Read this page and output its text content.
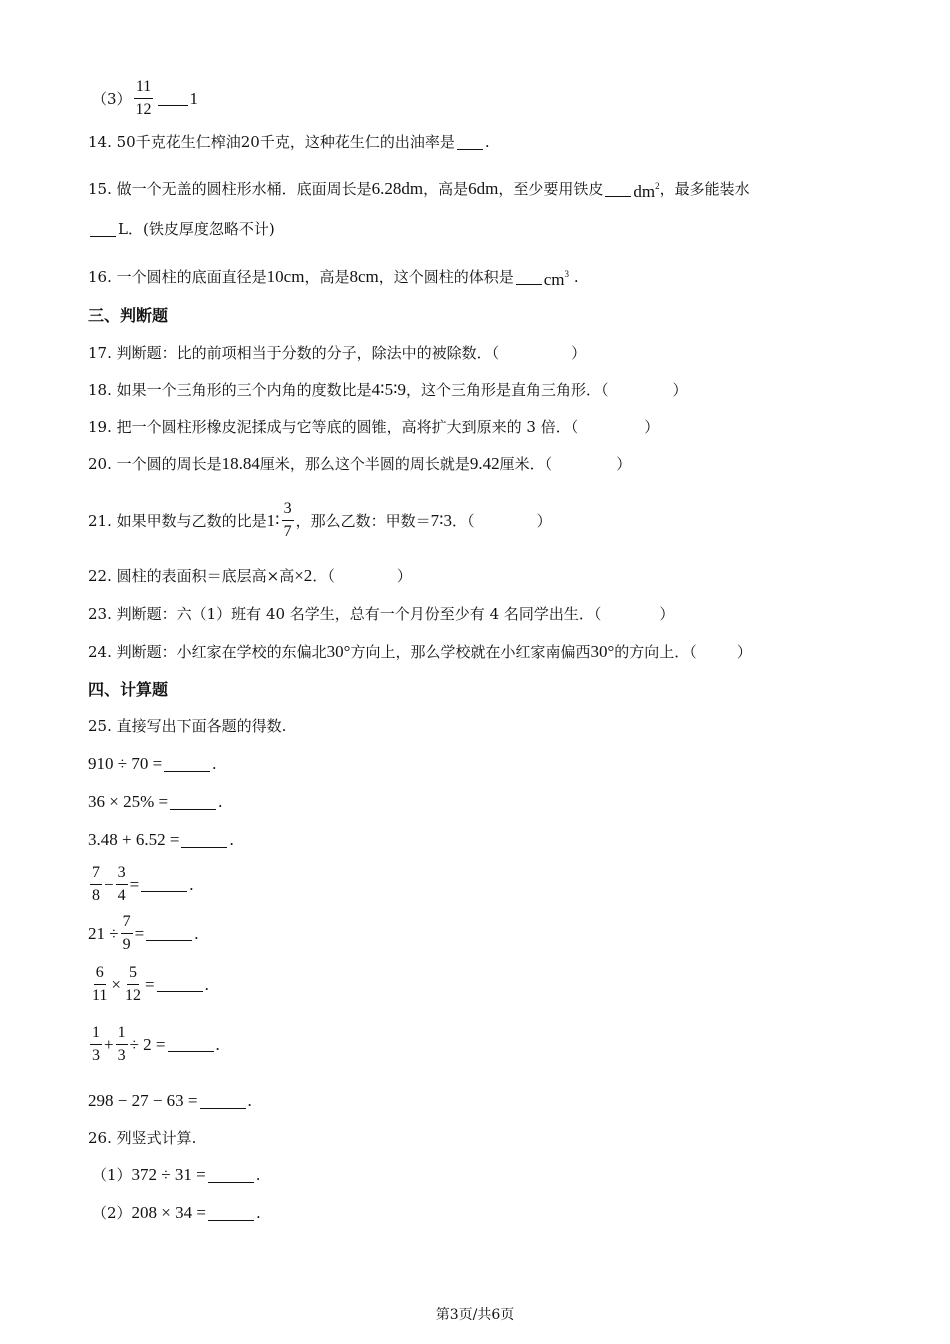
$(3) \frac{11}{12} 1$
14.
50千克花生仁榨油20千克，这种花生仁的出油率是 .
15.
做一个无盖的圆柱形水桶．底面周长是 6.28dm ，高是 6dm ，至少要用铁皮 $dm^2$ ，最多能装水
L．(铁皮厚度忽略不计)
16.
一个圆柱的底面直径是 10cm ，高是 8cm ，这个圆柱的体积是 $cm^3$
.
三、判断题
17.
判断题：比的前项相当于分数的分子，除法中的被除数．（	）
18.
如果一个三角形的三个内角的度数比是 4∶5∶9 ，这个三角形是直角三角形．（	）
19.
把一个圆柱形橡皮泥揉成与它等底的圆锥，高将扩大到原来的 3 倍．（	）
20.
一个圆的周长是 18.84 厘米，那么这个半圆的周长就是 9.42 厘米．（	）
21.
如果甲数与乙数的比是 1∶ $\frac{3}{7}$ ，那么乙数：甲数＝ 7∶3 ．（	）
22.
圆柱的表面积＝底层高×高 ×2 ．（	）
23.
判断题：六（1）班有 40 名学生，总有一个月份至少有 4 名同学出生．（	）
24.
判断题：小红家在学校的东偏北 30° 方向上，那么学校就在小红家南偏西 30° 的方向上．（	）
四、计算题
25.
直接写出下面各题的得数.
910 ÷ 70 =	.
36 × 25% =	.
3.48 + 6.52 =	.
$\frac{7}{8} - \frac{3}{4}$ =	.
$21 \div \frac{7}{9}$ =	.
$\frac{6}{11} \times \frac{5}{12}$ =	.
$\frac{1}{3} + \frac{1}{3} \div 2$ =	.
298 − 27 − 63 =	.
26.
列竖式计算.
（1） 372 ÷ 31 =	.
（2） 208 × 34 =	.
第3页/共6页
